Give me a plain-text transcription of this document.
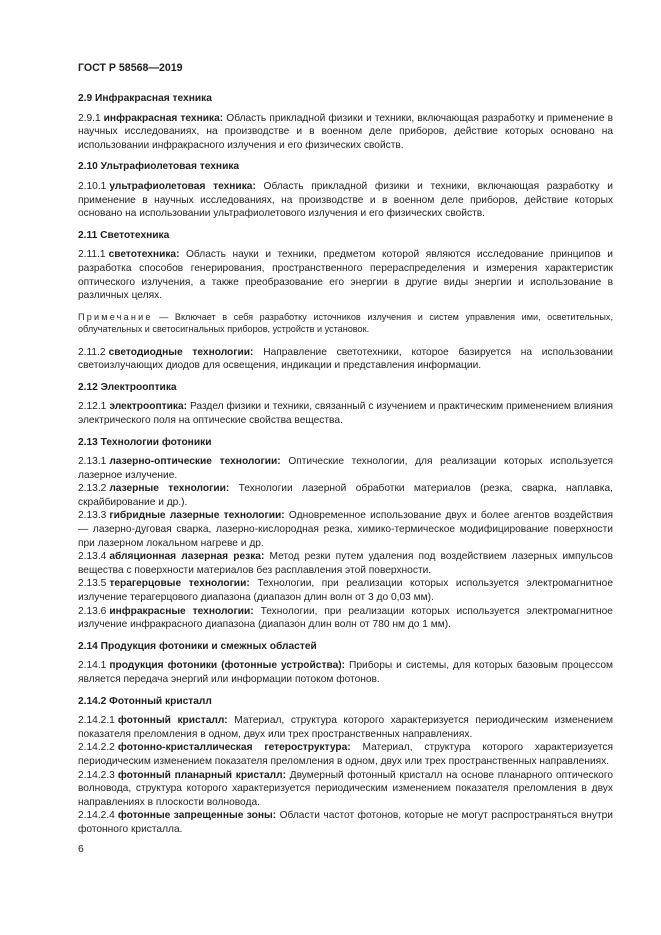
ГОСТ Р 58568—2019
2.9 Инфракрасная техника
2.9.1 инфракрасная техника: Область прикладной физики и техники, включающая разработку и применение в научных исследованиях, на производстве и в военном деле приборов, действие которых основано на использовании инфракрасного излучения и его физических свойств.
2.10 Ультрафиолетовая техника
2.10.1 ультрафиолетовая техника: Область прикладной физики и техники, включающая разработку и применение в научных исследованиях, на производстве и в военном деле приборов, действие которых основано на использовании ультрафиолетового излучения и его физических свойств.
2.11 Светотехника
2.11.1 светотехника: Область науки и техники, предметом которой являются исследование принципов и разработка способов генерирования, пространственного перераспределения и измерения характеристик оптического излучения, а также преобразование его энергии в другие виды энергии и использование в различных целях.
Примечание — Включает в себя разработку источников излучения и систем управления ими, осветительных, облучательных и светосигнальных приборов, устройств и установок.
2.11.2 светодиодные технологии: Направление светотехники, которое базируется на использовании светоизлучающих диодов для освещения, индикации и представления информации.
2.12 Электрооптика
2.12.1 электрооптика: Раздел физики и техники, связанный с изучением и практическим применением влияния электрического поля на оптические свойства вещества.
2.13 Технологии фотоники
2.13.1 лазерно-оптические технологии: Оптические технологии, для реализации которых используется лазерное излучение.
2.13.2 лазерные технологии: Технологии лазерной обработки материалов (резка, сварка, наплавка, скрайбирование и др.).
2.13.3 гибридные лазерные технологии: Одновременное использование двух и более агентов воздействия — лазерно-дуговая сварка, лазерно-кислородная резка, химико-термическое модифицирование поверхности при лазерном локальном нагреве и др.
2.13.4 абляционная лазерная резка: Метод резки путем удаления под воздействием лазерных импульсов вещества с поверхности материалов без расплавления этой поверхности.
2.13.5 терагерцовые технологии: Технологии, при реализации которых используется электромагнитное излучение терагерцового диапазона (диапазон длин волн от 3 до 0,03 мм).
2.13.6 инфракрасные технологии: Технологии, при реализации которых используется электромагнитное излучение инфракрасного диапазона (диапазон длин волн от 780 нм до 1 мм).
2.14 Продукция фотоники и смежных областей
2.14.1 продукция фотоники (фотонные устройства): Приборы и системы, для которых базовым процессом является передача энергий или информации потоком фотонов.
2.14.2 Фотонный кристалл
2.14.2.1 фотонный кристалл: Материал, структура которого характеризуется периодическим изменением показателя преломления в одном, двух или трех пространственных направлениях.
2.14.2.2 фотонно-кристаллическая гетероструктура: Материал, структура которого характеризуется периодическим изменением показателя преломления в одном, двух или трех пространственных направлениях.
2.14.2.3 фотонный планарный кристалл: Двумерный фотонный кристалл на основе планарного оптического волновода, структура которого характеризуется периодическим изменением показателя преломления в двух направлениях в плоскости волновода.
2.14.2.4 фотонные запрещенные зоны: Области частот фотонов, которые не могут распространяться внутри фотонного кристалла.
6
